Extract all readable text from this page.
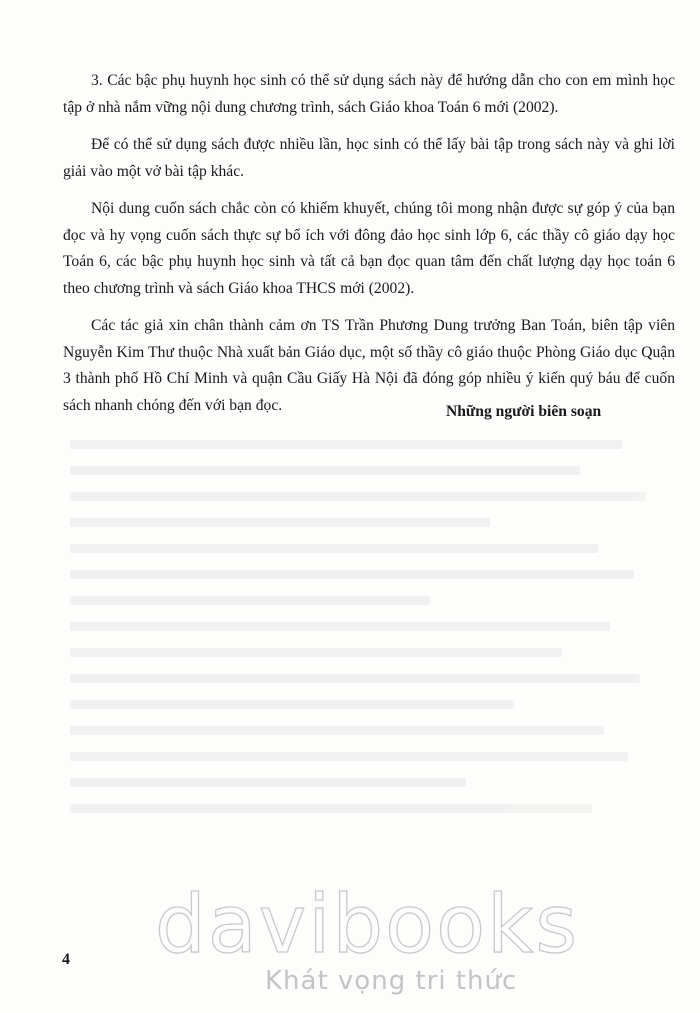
3. Các bậc phụ huynh học sinh có thể sử dụng sách này để hướng dẫn cho con em mình học tập ở nhà nắm vững nội dung chương trình, sách Giáo khoa Toán 6 mới (2002).

Để có thể sử dụng sách được nhiều lần, học sinh có thể lấy bài tập trong sách này và ghi lời giải vào một vở bài tập khác.

Nội dung cuốn sách chắc còn có khiếm khuyết, chúng tôi mong nhận được sự góp ý của bạn đọc và hy vọng cuốn sách thực sự bổ ích với đông đảo học sinh lớp 6, các thầy cô giáo dạy học Toán 6, các bậc phụ huynh học sinh và tất cả bạn đọc quan tâm đến chất lượng dạy học toán 6 theo chương trình và sách Giáo khoa THCS mới (2002).

Các tác giả xin chân thành cảm ơn TS Trần Phương Dung trưởng Ban Toán, biên tập viên Nguyễn Kim Thư thuộc Nhà xuất bản Giáo dục, một số thầy cô giáo thuộc Phòng Giáo dục Quận 3 thành phố Hồ Chí Minh và quận Cầu Giấy Hà Nội đã đóng góp nhiều ý kiến quý báu để cuốn sách nhanh chóng đến với bạn đọc.	Những người biên soạn

4 davibooks

Khát vọng tri thức
